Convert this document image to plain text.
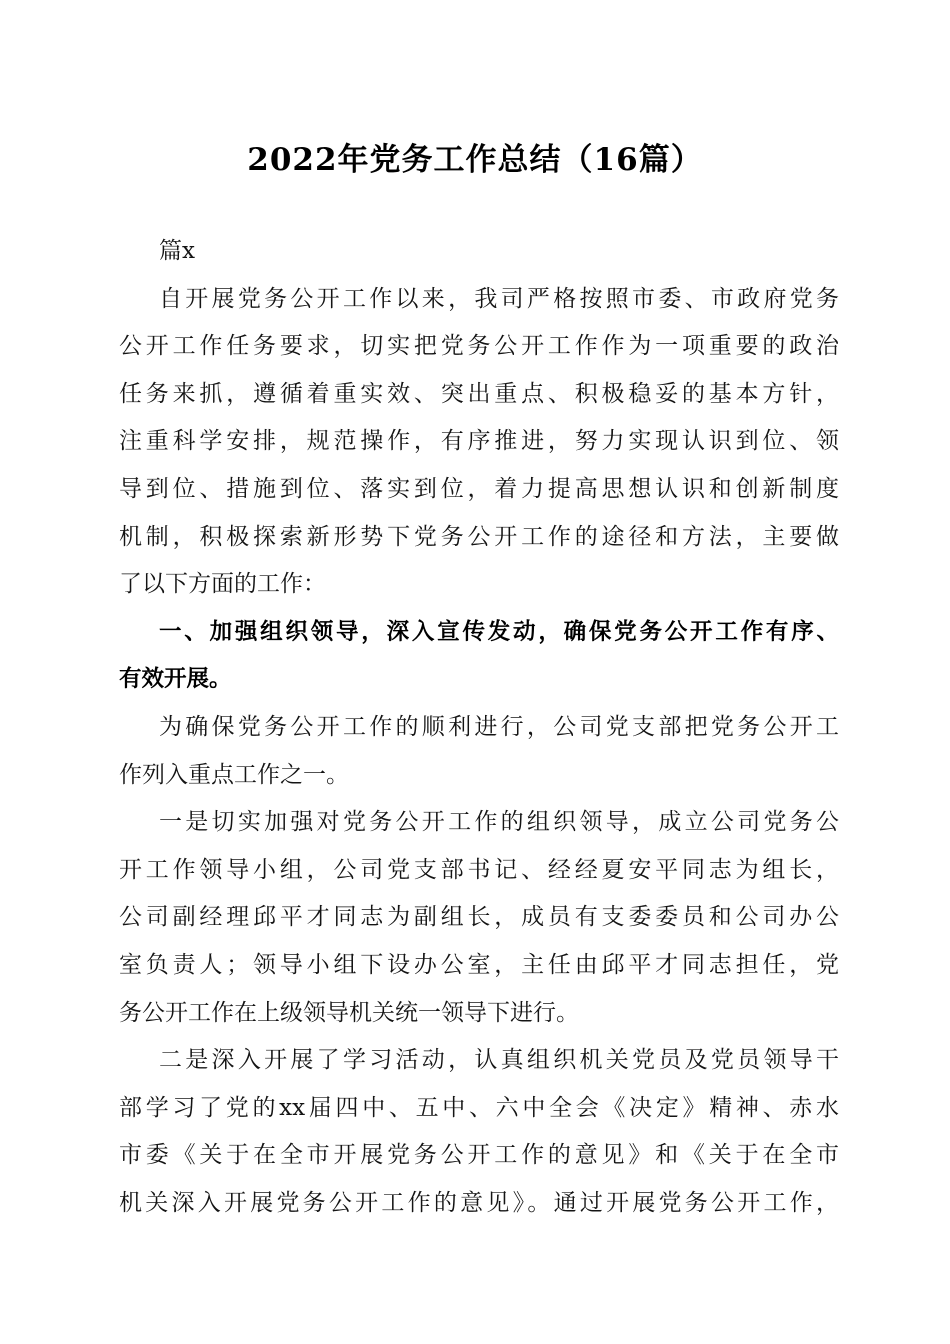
2022年党务工作总结（16篇）
篇x
自开展党务公开工作以来，我司严格按照市委、市政府党务
公开工作任务要求，切实把党务公开工作作为一项重要的政治
任务来抓，遵循着重实效、突出重点、积极稳妥的基本方针，
注重科学安排，规范操作，有序推进，努力实现认识到位、领
导到位、措施到位、落实到位，着力提高思想认识和创新制度
机制，积极探索新形势下党务公开工作的途径和方法，主要做
了以下方面的工作：
一、加强组织领导，深入宣传发动，确保党务公开工作有序、
有效开展。
为确保党务公开工作的顺利进行，公司党支部把党务公开工
作列入重点工作之一。
一是切实加强对党务公开工作的组织领导，成立公司党务公
开工作领导小组，公司党支部书记、经经夏安平同志为组长，
公司副经理邱平才同志为副组长，成员有支委委员和公司办公
室负责人；领导小组下设办公室，主任由邱平才同志担任，党
务公开工作在上级领导机关统一领导下进行。
二是深入开展了学习活动，认真组织机关党员及党员领导干
部学习了党的xx届四中、五中、六中全会《决定》精神、赤水
市委《关于在全市开展党务公开工作的意见》和《关于在全市
机关深入开展党务公开工作的意见》。通过开展党务公开工作，
